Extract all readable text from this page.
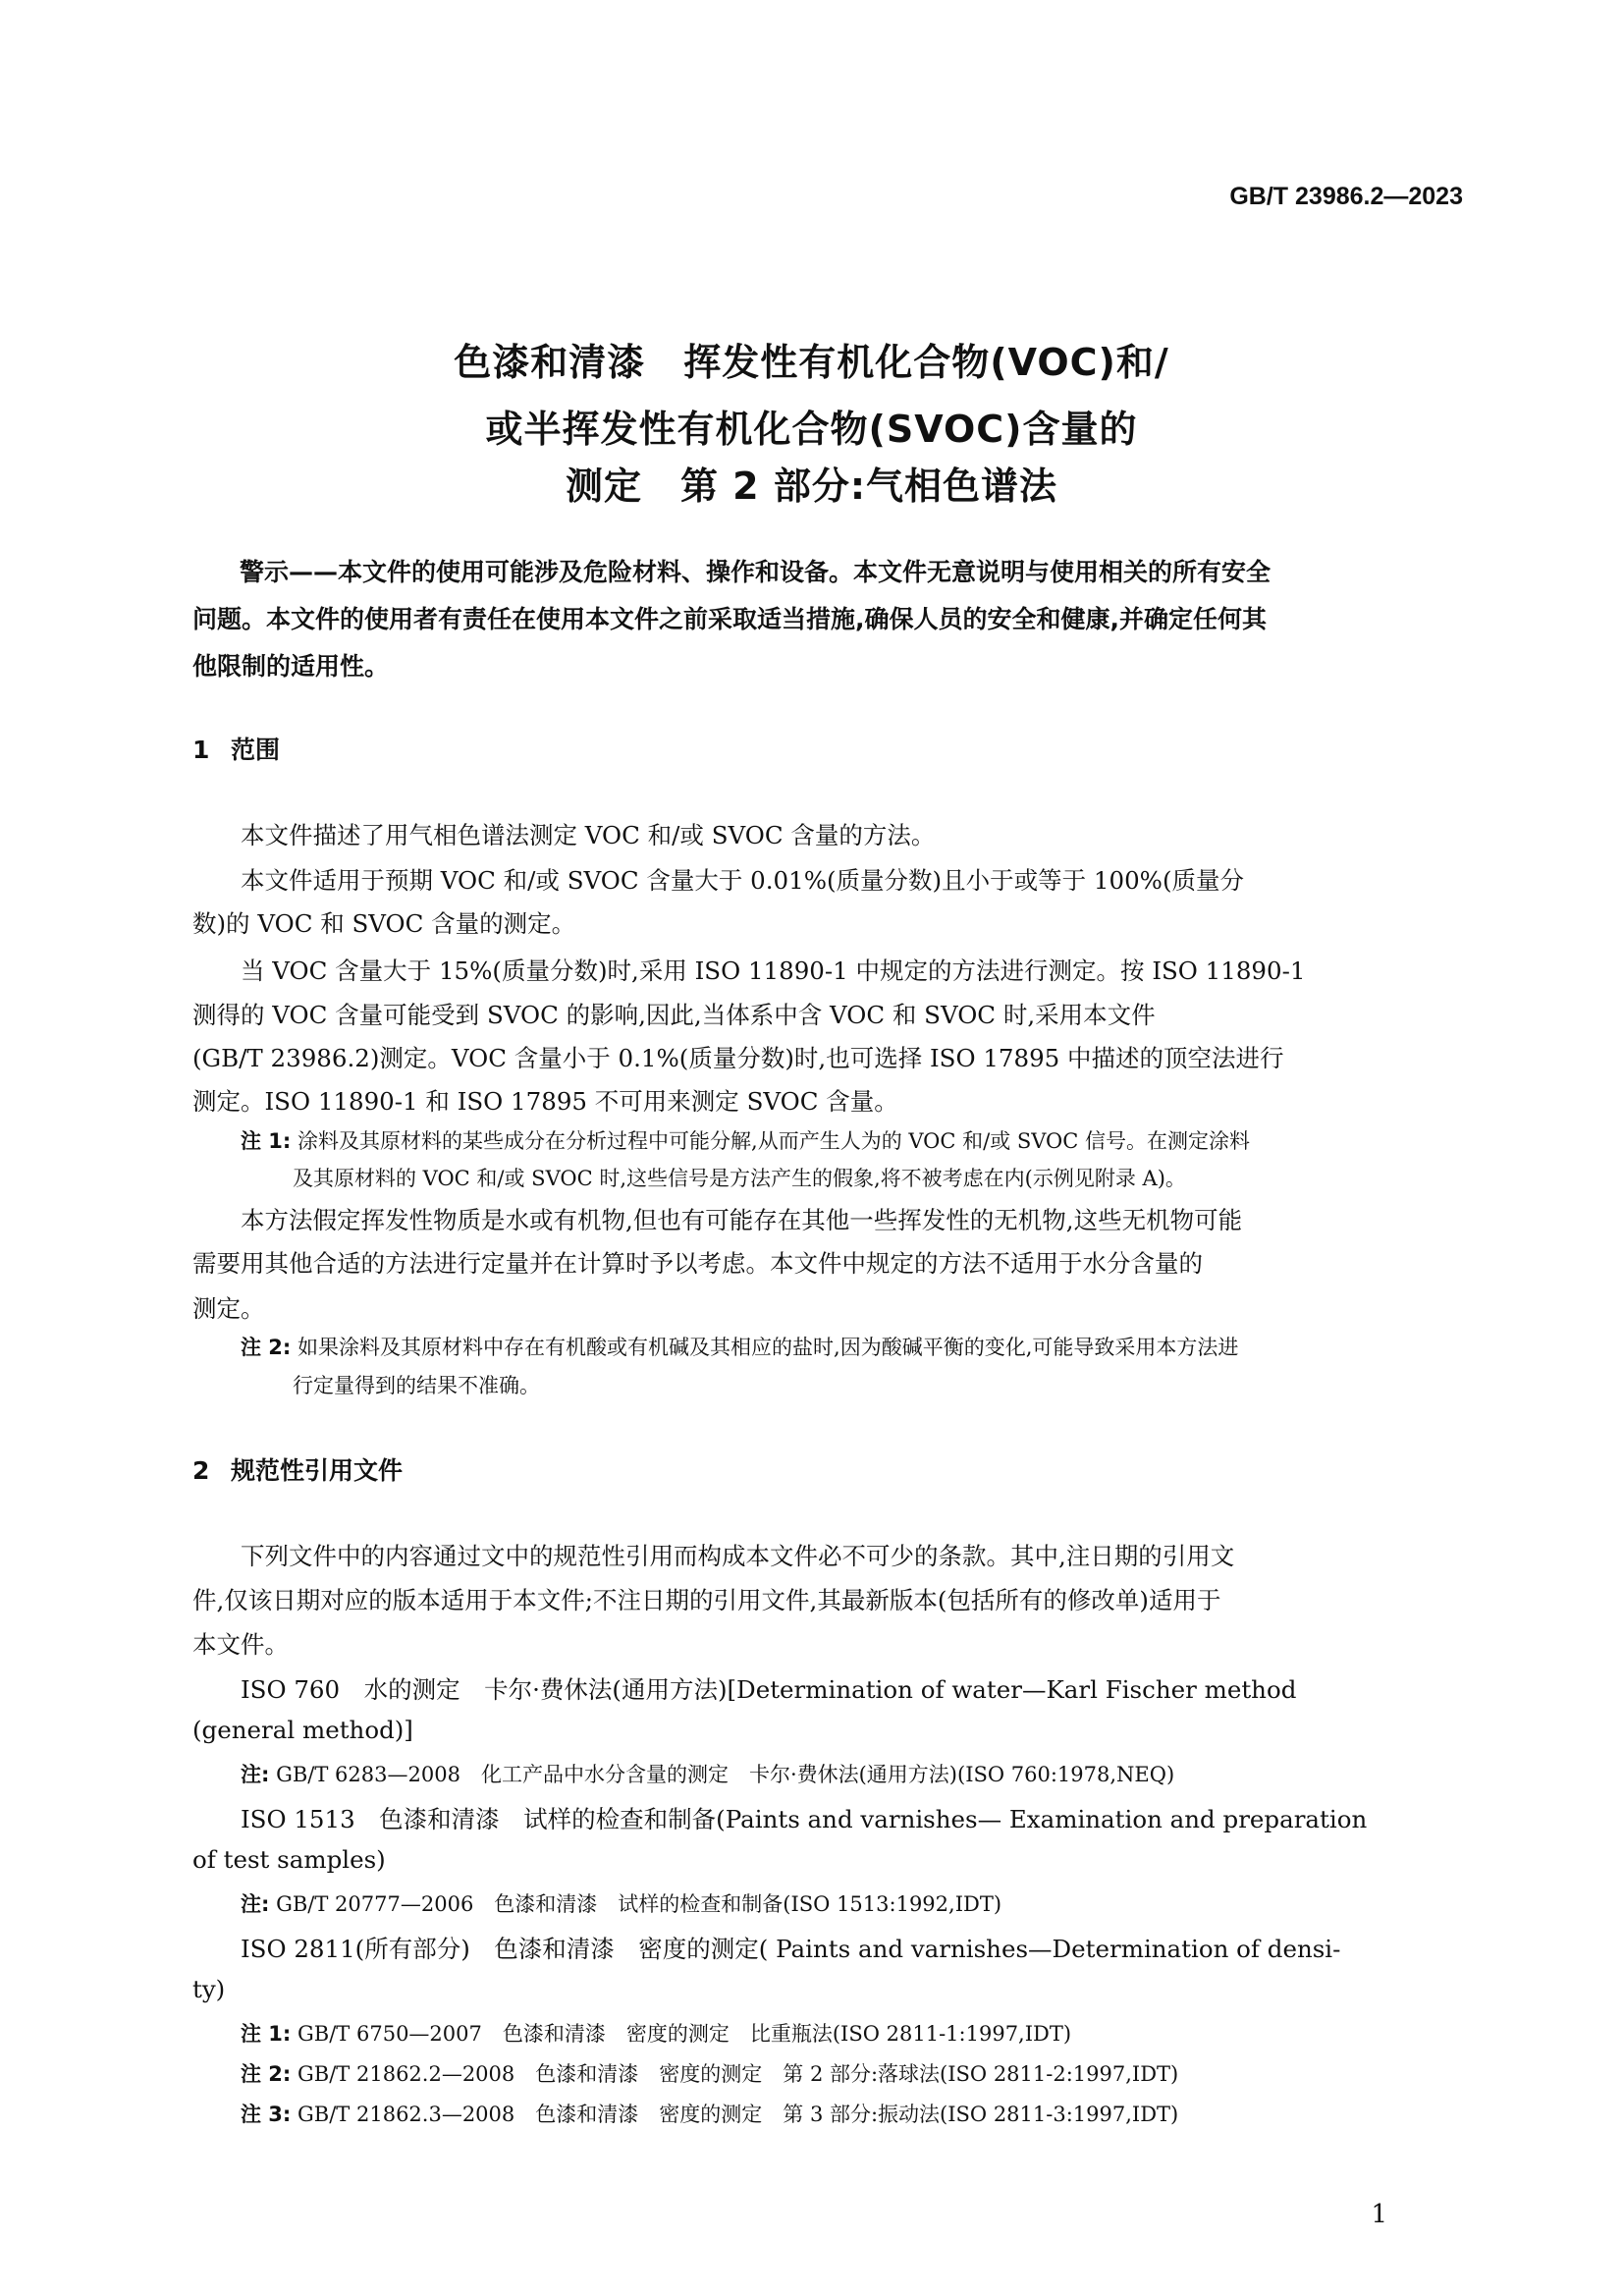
GB/T 23986.2—2023
色漆和清漆　挥发性有机化合物(VOC)和/
或半挥发性有机化合物(SVOC)含量的
测定　第 2 部分:气相色谱法
警示——本文件的使用可能涉及危险材料、操作和设备。本文件无意说明与使用相关的所有安全
问题。本文件的使用者有责任在使用本文件之前采取适当措施,确保人员的安全和健康,并确定任何其
他限制的适用性。
1 范围
本文件描述了用气相色谱法测定 VOC 和/或 SVOC 含量的方法。
本文件适用于预期 VOC 和/或 SVOC 含量大于 0.01%(质量分数)且小于或等于 100%(质量分
数)的 VOC 和 SVOC 含量的测定。
当 VOC 含量大于 15%(质量分数)时,采用 ISO 11890-1 中规定的方法进行测定。按 ISO 11890-1
测得的 VOC 含量可能受到 SVOC 的影响,因此,当体系中含 VOC 和 SVOC 时,采用本文件
(GB/T 23986.2)测定。VOC 含量小于 0.1%(质量分数)时,也可选择 ISO 17895 中描述的顶空法进行
测定。ISO 11890-1 和 ISO 17895 不可用来测定 SVOC 含量。
注 1: 涂料及其原材料的某些成分在分析过程中可能分解,从而产生人为的 VOC 和/或 SVOC 信号。在测定涂料
及其原材料的 VOC 和/或 SVOC 时,这些信号是方法产生的假象,将不被考虑在内(示例见附录 A)。
本方法假定挥发性物质是水或有机物,但也有可能存在其他一些挥发性的无机物,这些无机物可能
需要用其他合适的方法进行定量并在计算时予以考虑。本文件中规定的方法不适用于水分含量的
测定。
注 2: 如果涂料及其原材料中存在有机酸或有机碱及其相应的盐时,因为酸碱平衡的变化,可能导致采用本方法进
行定量得到的结果不准确。
2 规范性引用文件
下列文件中的内容通过文中的规范性引用而构成本文件必不可少的条款。其中,注日期的引用文
件,仅该日期对应的版本适用于本文件;不注日期的引用文件,其最新版本(包括所有的修改单)适用于
本文件。
ISO 760　水的测定　卡尔·费休法(通用方法)[Determination of water—Karl Fischer method
(general method)]
注: GB/T 6283—2008　化工产品中水分含量的测定　卡尔·费休法(通用方法)(ISO 760:1978,NEQ)
ISO 1513　色漆和清漆　试样的检查和制备(Paints and varnishes— Examination and preparation
of test samples)
注: GB/T 20777—2006　色漆和清漆　试样的检查和制备(ISO 1513:1992,IDT)
ISO 2811(所有部分)　色漆和清漆　密度的测定( Paints and varnishes—Determination of densi-
ty)
注 1: GB/T 6750—2007　色漆和清漆　密度的测定　比重瓶法(ISO 2811-1:1997,IDT)
注 2: GB/T 21862.2—2008　色漆和清漆　密度的测定　第 2 部分:落球法(ISO 2811-2:1997,IDT)
注 3: GB/T 21862.3—2008　色漆和清漆　密度的测定　第 3 部分:振动法(ISO 2811-3:1997,IDT)
1
